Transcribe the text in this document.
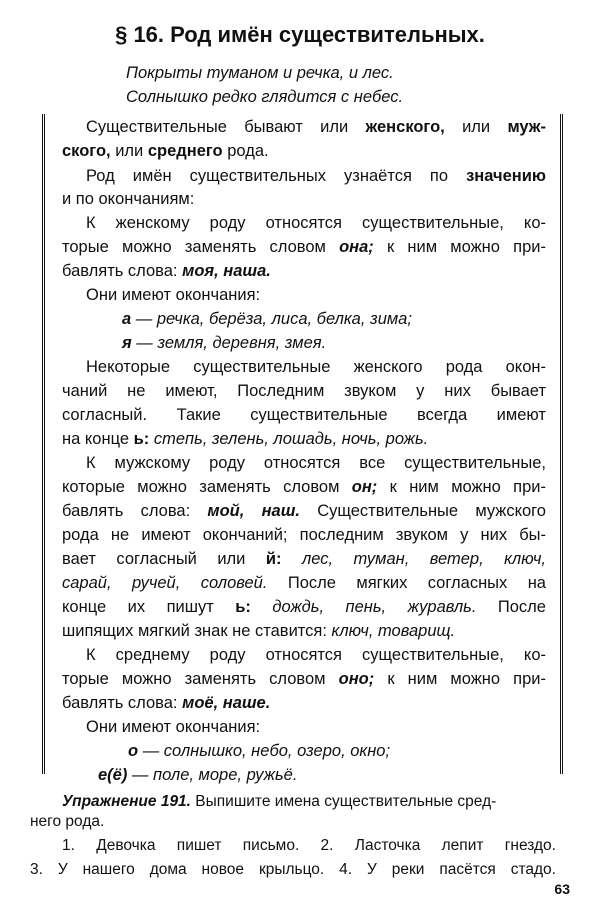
§ 16. Род имён существительных.
Покрыты туманом и речка, и лес.
Солнышко редко глядится с небес.
Существительные бывают или женского, или муж-
ского, или среднего рода.
Род имён существительных узнаётся по значению
и по окончаниям:
К женскому роду относятся существительные, ко-
торые можно заменять словом она; к ним можно при-
бавлять слова: моя, наша.
Они имеют окончания:
а — речка, берёза, лиса, белка, зима;
я — земля, деревня, змея.
Некоторые существительные женского рода окон-
чаний не имеют, Последним звуком у них бывает
согласный. Такие существительные всегда имеют
на конце ь: степь, зелень, лошадь, ночь, рожь.
К мужскому роду относятся все существительные,
которые можно заменять словом он; к ним можно при-
бавлять слова: мой, наш. Существительные мужского
рода не имеют окончаний; последним звуком у них бы-
вает согласный или й: лес, туман, ветер, ключ,
сарай, ручей, соловей. После мягких согласных на
конце их пишут ь: дождь, пень, журавль. После
шипящих мягкий знак не ставится: ключ, товарищ.
К среднему роду относятся существительные, ко-
торые можно заменять словом оно; к ним можно при-
бавлять слова: моё, наше.
Они имеют окончания:
о — солнышко, небо, озеро, окно;
е(ё) — поле, море, ружьё.
Упражнение 191. Выпишите имена существительные сред-
него рода.
1. Девочка пишет письмо. 2. Ласточка лепит гнездо.
3. У нашего дома новое крыльцо. 4. У реки пасётся стадо.
63
